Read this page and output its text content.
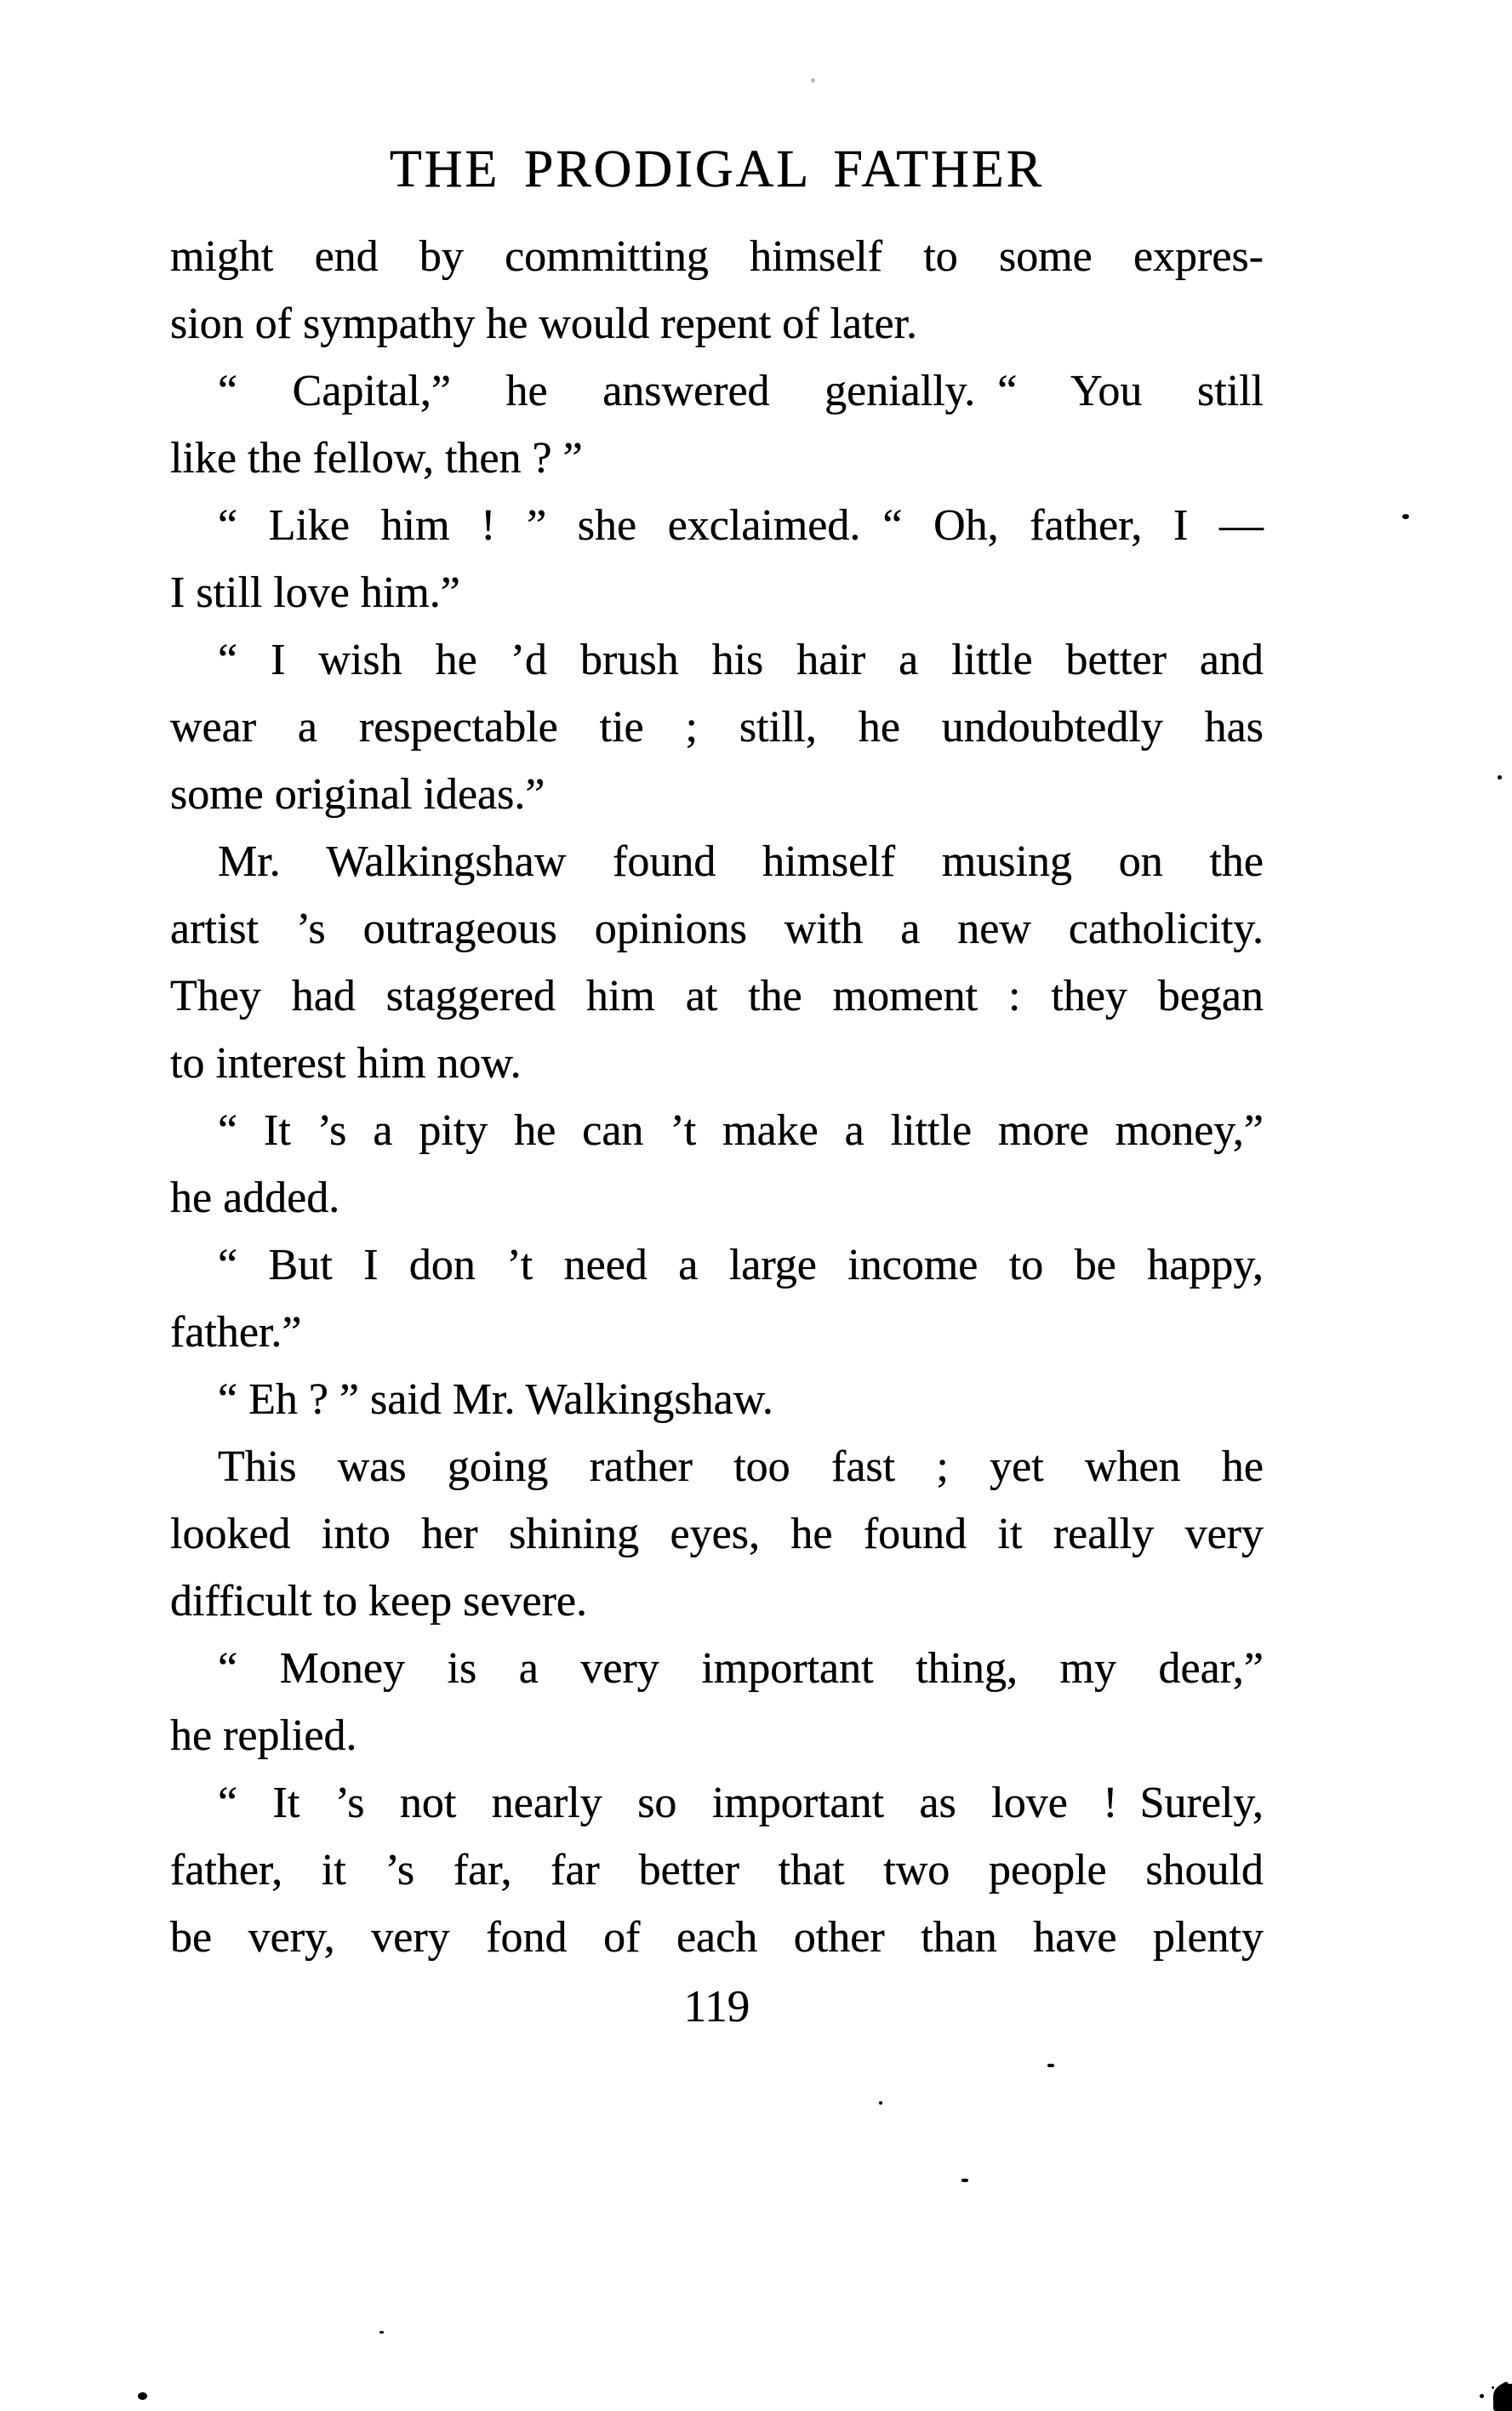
THE PRODIGAL FATHER

might end by committing himself to some expres-
sion of sympathy he would repent of later.

“ Capital,” he answered genially. “ You still
like the fellow, then ? ”

“ Like him ! ” she exclaimed. “ Oh, father, I —
I still love him.”

“ I wish he ’d brush his hair a little better and
wear a respectable tie ; still, he undoubtedly has
some original ideas.”

Mr. Walkingshaw found himself musing on the
artist ’s outrageous opinions with a new catholicity.
They had staggered him at the moment : they began
to interest him now.

“ It ’s a pity he can ’t make a little more money,”
he added.

“ But I don ’t need a large income to be happy,
father.”

“ Eh ? ” said Mr. Walkingshaw.

This was going rather too fast ; yet when he
looked into her shining eyes, he found it really very
difficult to keep severe.

“ Money is a very important thing, my dear,”
he replied.

“ It ’s not nearly so important as love ! Surely,
father, it ’s far, far better that two people should
be very, very fond of each other than have plenty

119
